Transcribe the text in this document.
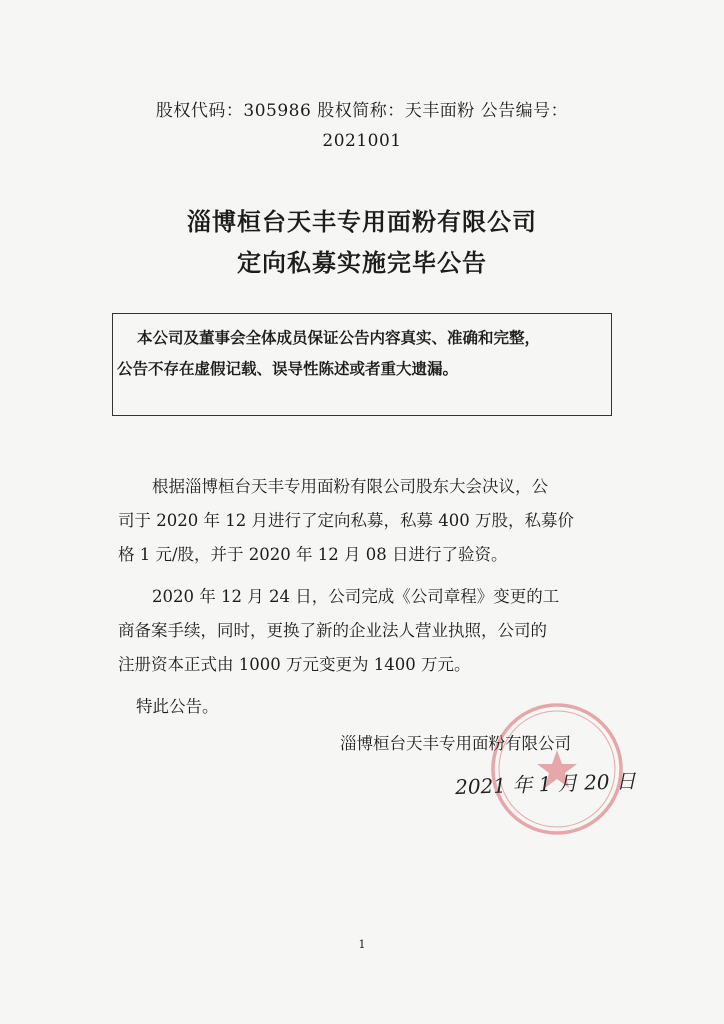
股权代码：305986 股权简称：天丰面粉 公告编号：
2021001
淄博桓台天丰专用面粉有限公司
定向私募实施完毕公告
本公司及董事会全体成员保证公告内容真实、准确和完整，
公告不存在虚假记载、误导性陈述或者重大遗漏。
根据淄博桓台天丰专用面粉有限公司股东大会决议，公
司于 2020 年 12 月进行了定向私募，私募 400 万股，私募价
格 1 元/股，并于 2020 年 12 月 08 日进行了验资。
2020 年 12 月 24 日，公司完成《公司章程》变更的工
商备案手续，同时，更换了新的企业法人营业执照，公司的
注册资本正式由 1000 万元变更为 1400 万元。
特此公告。
淄博桓台天丰专用面粉有限公司
2021 年 1 月 20 日
1
